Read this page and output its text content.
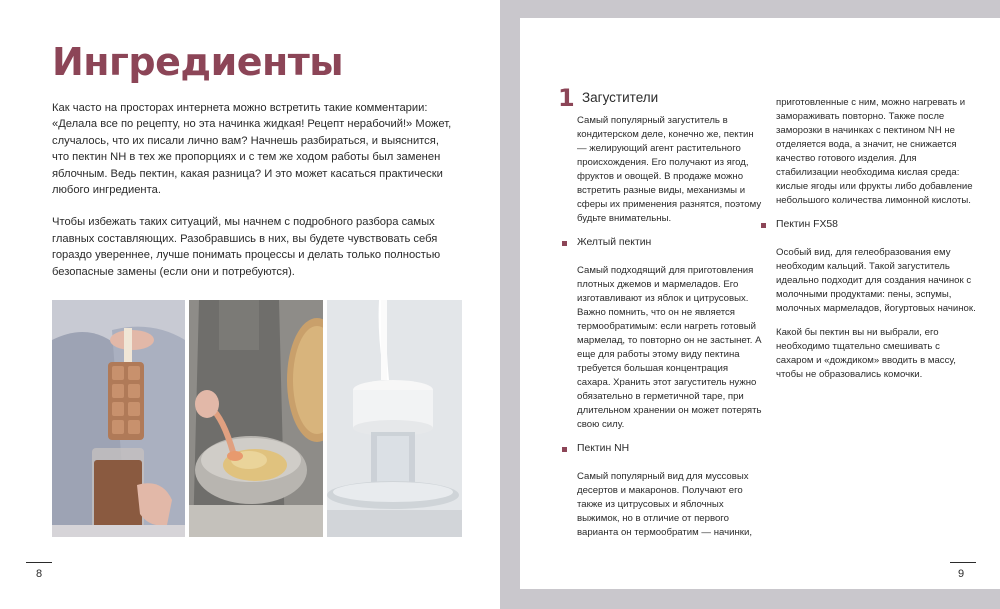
Ингредиенты

Как часто на просторах интернета можно встретить такие комментарии: «Делала все по рецепту, но эта начинка жидкая! Рецепт нерабочий!» Может, случалось, что их писали лично вам? Начнешь разбираться, и выяснится, что пектин NH в тех же пропорциях и с тем же ходом работы был заменен яблочным. Ведь пектин, какая разница? И это может касаться практически любого ингредиента.

Чтобы избежать таких ситуаций, мы начнем с подробного разбора самых главных составляющих. Разобравшись в них, вы будете чувствовать себя гораздо увереннее, лучше понимать процессы и делать только полностью безопасные замены (если они и потребуются).

8
1 Загустители

Самый популярный загуститель в кондитерском деле, конечно же, пектин — желирующий агент растительного происхождения. Его получают из ягод, фруктов и овощей. В продаже можно встретить разные виды, механизмы и сферы их применения разнятся, поэтому будьте внимательны.

Желтый пектин

Самый подходящий для приготовления плотных джемов и мармеладов. Его изготавливают из яблок и цитрусовых. Важно помнить, что он не является термообратимым: если нагреть готовый мармелад, то повторно он не застынет. А еще для работы этому виду пектина требуется большая концентрация сахара. Хранить этот загуститель нужно обязательно в герметичной таре, при длительном хранении он может потерять свою силу.

Пектин NH

Самый популярный вид для муссовых десертов и макаронов. Получают его также из цитрусовых и яблочных выжимок, но в отличие от первого варианта он термообратим — начинки,

приготовленные с ним, можно нагревать и замораживать повторно. Также после заморозки в начинках с пектином NH не отделяется вода, а значит, не снижается качество готового изделия. Для стабилизации необходима кислая среда: кислые ягоды или фрукты либо добавление небольшого количества лимонной кислоты.

Пектин FX58

Особый вид, для гелеобразования ему необходим кальций. Такой загуститель идеально подходит для создания начинок с молочными продуктами: пены, эспумы, молочных мармеладов, йогуртовых начинок.

Какой бы пектин вы ни выбрали, его необходимо тщательно смешивать с сахаром и «дождиком» вводить в массу, чтобы не образовались комочки.

9
